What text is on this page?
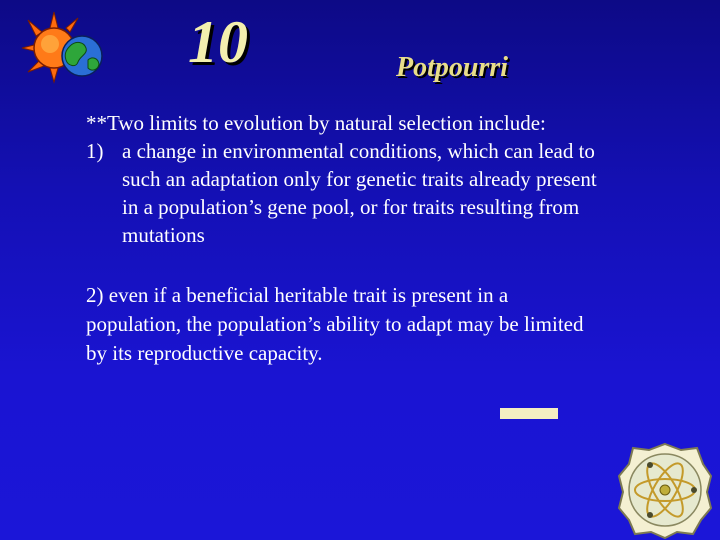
10	Potpourri
**Two limits to evolution by natural selection include:
1) a change in environmental conditions, which can lead to such an adaptation only for genetic traits already present in a population’s gene pool, or for traits resulting from mutations
2) even if a beneficial heritable trait is present in a population, the population’s ability to adapt may be limited by its reproductive capacity.
